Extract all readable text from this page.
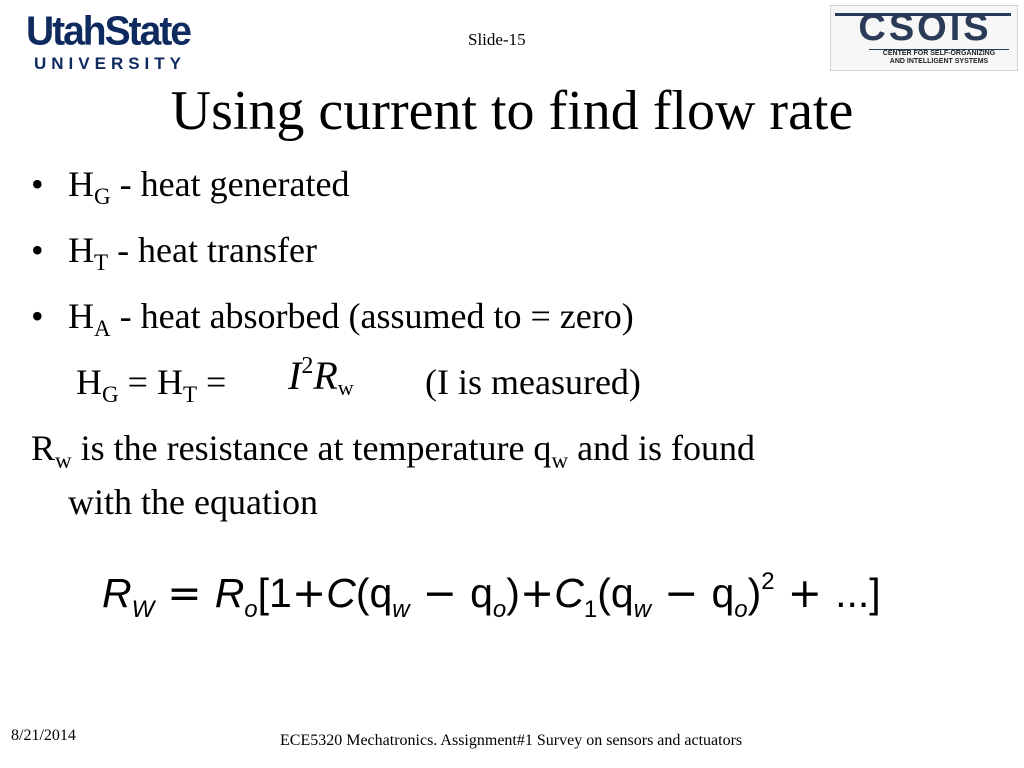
UtahState
UNIVERSITY
Slide-15	CSOIS
CENTER FOR SELF-ORGANIZING
AND INTELLIGENT SYSTEMS
Using current to find flow rate
• $H_G$ - heat generated
• $H_T$ - heat transfer
• $H_A$ - heat absorbed (assumed to = zero)
$H_G = H_T = I^2Rw$ (I is measured)
$R_w$ is the resistance at temperature $q_w$ and is found
with the equation
$R_W = R_o[1+C(q_w - q_o)+C_1(q_w - q_o)^2$ + ...]
8/21/2014	ECE5320 Mechatronics. Assignment#1 Survey on sensors and actuators
